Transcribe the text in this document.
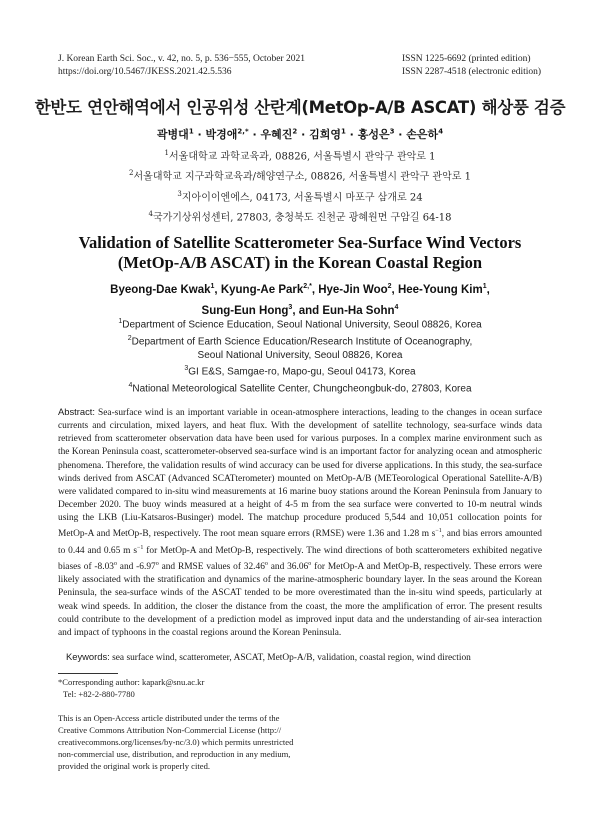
J. Korean Earth Sci. Soc., v. 42, no. 5, p. 536−555, October 2021
https://doi.org/10.5467/JKESS.2021.42.5.536
ISSN 1225-6692 (printed edition)
ISSN 2287-4518 (electronic edition)
한반도 연안해역에서 인공위성 산란계(MetOp-A/B ASCAT) 해상풍 검증
곽병대$^1$ · 박경애$^{2,*}$ · 우혜진$^2$ · 김희영$^1$ · 홍성은$^3$ · 손은하$^4$
$^1$서울대학교 과학교육과, 08826, 서울특별시 관악구 관악로 1
$^2$서울대학교 지구과학교육과/해양연구소, 08826, 서울특별시 관악구 관악로 1
$^3$지아이이엔에스, 04173, 서울특별시 마포구 삼개로 24
$^4$국가기상위성센터, 27803, 충청북도 진천군 광혜원면 구암길 64-18
Validation of Satellite Scatterometer Sea-Surface Wind Vectors
(MetOp-A/B ASCAT) in the Korean Coastal Region
Byeong-Dae Kwak$^1$, Kyung-Ae Park$^{2,*}$, Hye-Jin Woo$^2$, Hee-Young Kim$^1$,
Sung-Eun Hong$^3$, and Eun-Ha Sohn$^4$
$^1$Department of Science Education, Seoul National University, Seoul 08826, Korea
$^2$Department of Earth Science Education/Research Institute of Oceanography,
Seoul National University, Seoul 08826, Korea
$^3$GI E&S, Samgae-ro, Mapo-gu, Seoul 04173, Korea
$^4$National Meteorological Satellite Center, Chungcheongbuk-do, 27803, Korea
Abstract: Sea-surface wind is an important variable in ocean-atmosphere interactions, leading to the changes in ocean surface currents and circulation, mixed layers, and heat flux. With the development of satellite technology, sea-surface winds data retrieved from scatterometer observation data have been used for various purposes. In a complex marine environment such as the Korean Peninsula coast, scatterometer-observed sea-surface wind is an important factor for analyzing ocean and atmospheric phenomena. Therefore, the validation results of wind accuracy can be used for diverse applications. In this study, the sea-surface winds derived from ASCAT (Advanced SCATterometer) mounted on MetOp-A/B (METeorological Operational Satellite-A/B) were validated compared to in-situ wind measurements at 16 marine buoy stations around the Korean Peninsula from January to December 2020. The buoy winds measured at a height of 4-5 m from the sea surface were converted to 10-m neutral winds using the LKB (Liu-Katsaros-Businger) model. The matchup procedure produced 5,544 and 10,051 collocation points for MetOp-A and MetOp-B, respectively. The root mean square errors (RMSE) were 1.36 and 1.28 m $s^{-1}$, and bias errors amounted to 0.44 and 0.65 m $s^{-1}$ for MetOp-A and MetOp-B, respectively. The wind directions of both scatterometers exhibited negative biases of -8.03$^o$ and -6.97$^o$ and RMSE values of 32.46$^o$ and 36.06$^o$ for MetOp-A and MetOp-B, respectively. These errors were likely associated with the stratification and dynamics of the marine-atmospheric boundary layer. In the seas around the Korean Peninsula, the sea-surface winds of the ASCAT tended to be more overestimated than the in-situ wind speeds, particularly at weak wind speeds. In addition, the closer the distance from the coast, the more the amplification of error. The present results could contribute to the development of a prediction model as improved input data and the understanding of air-sea interaction and impact of typhoons in the coastal regions around the Korean Peninsula.
Keywords: sea surface wind, scatterometer, ASCAT, MetOp-A/B, validation, coastal region, wind direction
*Corresponding author: kapark@snu.ac.kr
Tel: +82-2-880-7780
This is an Open-Access article distributed under the terms of the
Creative Commons Attribution Non-Commercial License (http://
creativecommons.org/licenses/by-nc/3.0) which permits unrestricted
non-commercial use, distribution, and reproduction in any medium,
provided the original work is properly cited.
